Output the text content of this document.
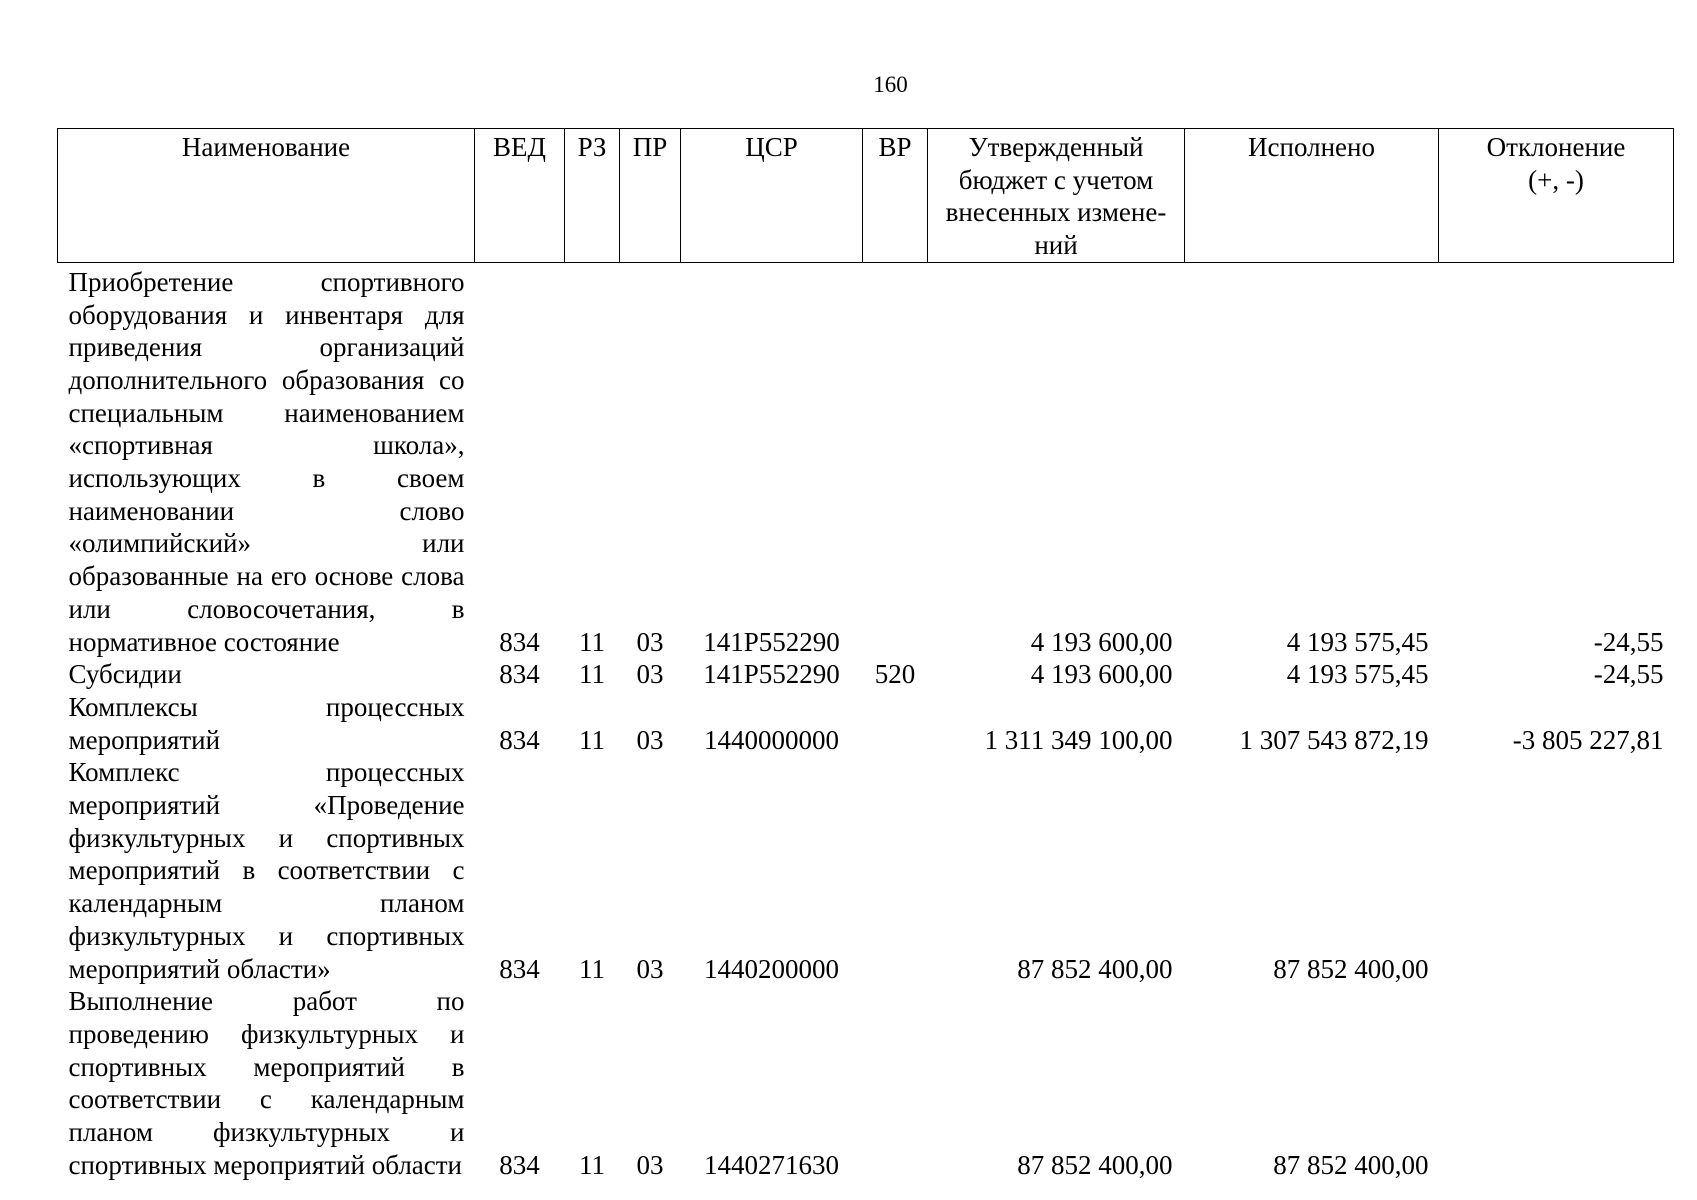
160
Наименование	ВЕД	РЗ	ПР	ЦСР	ВР	Утвержденный
бюджет с учетом
внесенных измене-
ний	Исполнено	Отклонение
(+, -)
Приобретение спортивного оборудования и инвентаря для приведения организаций дополнительного образования со специальным наименованием «спортивная школа», использующих в своем наименовании слово «олимпийский» или образованные на его основе слова или словосочетания, в нормативное состояние	834	11	03	141P552290		4 193 600,00	4 193 575,45	-24,55
Субсидии	834	11	03	141P552290	520	4 193 600,00	4 193 575,45	-24,55
Комплексы процессных мероприятий	834	11	03	1440000000		1 311 349 100,00	1 307 543 872,19	-3 805 227,81
Комплекс процессных мероприятий «Проведение физкультурных и спортивных мероприятий в соответствии с календарным планом физкультурных и спортивных мероприятий области»	834	11	03	1440200000		87 852 400,00	87 852 400,00	
Выполнение работ по проведению физкультурных и спортивных мероприятий в соответствии с календарным планом физкультурных и спортивных мероприятий области	834	11	03	1440271630		87 852 400,00	87 852 400,00	
